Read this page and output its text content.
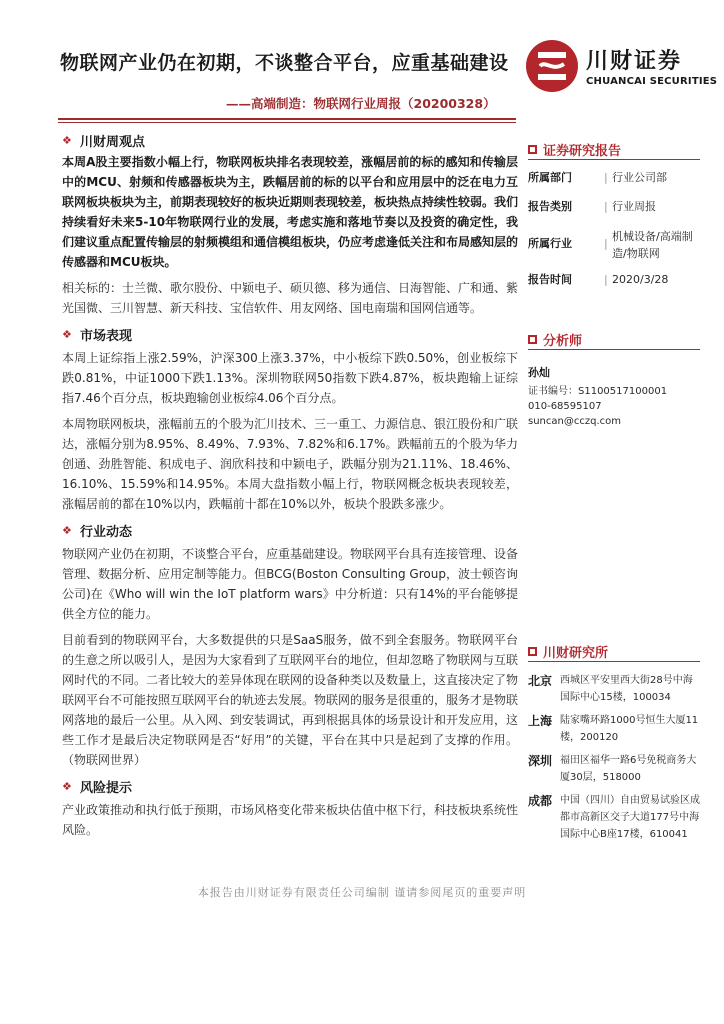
物联网产业仍在初期，不谈整合平台，应重基础建设
——高端制造：物联网行业周报（20200328）
川财证券
CHUANCAI SECURITIES
❖ 川财周观点

本周A股主要指数小幅上行，物联网板块排名表现较差，涨幅居前的标的感知和传输层中的MCU、射频和传感器板块为主，跌幅居前的标的以平台和应用层中的泛在电力互联网板块板块为主，前期表现较好的板块近期则表现较差，板块热点持续性较弱。我们持续看好未来5-10年物联网行业的发展，考虑实施和落地节奏以及投资的确定性，我们建议重点配置传输层的射频模组和通信模组板块，仍应考虑逢低关注和布局感知层的传感器和MCU板块。

相关标的：士兰微、歌尔股份、中颖电子、硕贝德、移为通信、日海智能、广和通、紫光国微、三川智慧、新天科技、宝信软件、用友网络、国电南瑞和国网信通等。

❖ 市场表现

本周上证综指上涨2.59%，沪深300上涨3.37%，中小板综下跌0.50%，创业板综下跌0.81%，中证1000下跌1.13%。深圳物联网50指数下跌4.87%，板块跑输上证综指7.46个百分点，板块跑输创业板综4.06个百分点。

本周物联网板块，涨幅前五的个股为汇川技术、三一重工、力源信息、银江股份和广联达，涨幅分别为8.95%、8.49%、7.93%、7.82%和6.17%。跌幅前五的个股为华力创通、劲胜智能、积成电子、润欣科技和中颖电子，跌幅分别为21.11%、18.46%、16.10%、15.59%和14.95%。本周大盘指数小幅上行，物联网概念板块表现较差，涨幅居前的都在10%以内，跌幅前十都在10%以外，板块个股跌多涨少。

❖ 行业动态

物联网产业仍在初期，不谈整合平台，应重基础建设。物联网平台具有连接管理、设备管理、数据分析、应用定制等能力。但BCG(Boston Consulting Group，波士顿咨询公司)在《Who will win the IoT platform wars》中分析道：只有14%的平台能够提供全方位的能力。

目前看到的物联网平台，大多数提供的只是SaaS服务，做不到全套服务。物联网平台的生意之所以吸引人，是因为大家看到了互联网平台的地位，但却忽略了物联网与互联网时代的不同。二者比较大的差异体现在联网的设备种类以及数量上，这直接决定了物联网平台不可能按照互联网平台的轨迹去发展。物联网的服务是很重的，服务才是物联网落地的最后一公里。从入网、到安装调试，再到根据具体的场景设计和开发应用，这些工作才是最后决定物联网是否“好用”的关键，平台在其中只是起到了支撑的作用。（物联网世界）

❖ 风险提示

产业政策推动和执行低于预期，市场风格变化带来板块估值中枢下行，科技板块系统性风险。

证券研究报告
所属部门	| 行业公司部
报告类别	| 行业周报
所属行业	|
机械设备/高端制造/物联网
报告时间	| 2020/3/28
分析师
孙灿
证书编号：S1100517100001
010-68595107
suncan@cczq.com
川财研究所
北京 西城区平安里西大街28号中海国际中心15楼，100034
上海 陆家嘴环路1000号恒生大厦11楼，200120
深圳 福田区福华一路6号免税商务大厦30层，518000
成都 中国（四川）自由贸易试验区成都市高新区交子大道177号中海国际中心B座17楼，610041
本报告由川财证券有限责任公司编制 谨请参阅尾页的重要声明
